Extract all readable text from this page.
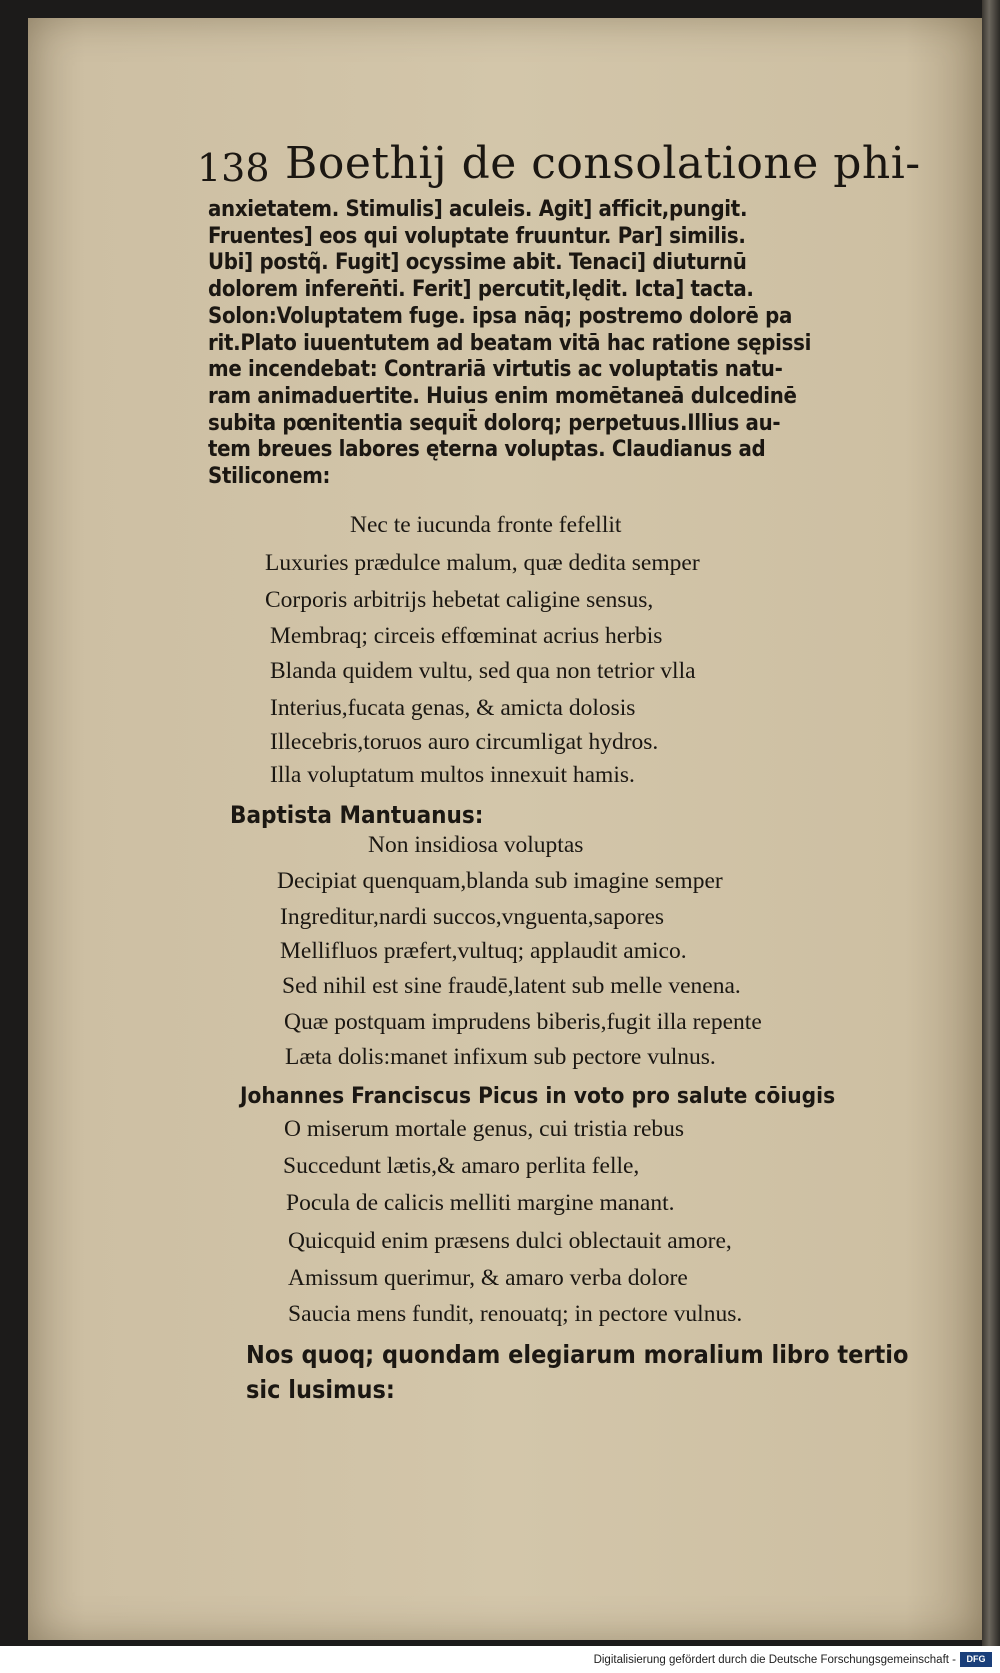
138 Boethij de consolatione phi-
anxietatem. Stimulis] aculeis. Agit] afficit,pungit.
Fruentes] eos qui voluptate fruuntur. Par] similis.
Ubi] postq̃. Fugit] ocyssime abit. Tenaci] diuturnū
dolorem inferen̄ti. Ferit] percutit,lędit. Icta] tacta.
Solon:Voluptatem fuge. ipsa nāq; postremo dolorē pa
rit.Plato iuuentutem ad beatam vitā hac ratione sępissi
me incendebat: Contrariā virtutis ac voluptatis natu-
ram animaduertite. Huius enim momētaneā dulcedinē
subita pœnitentia sequit̄ dolorq; perpetuus.Illius au-
tem breues labores ęterna voluptas. Claudianus ad
Stiliconem:
Nec te iucunda fronte fefellit
Luxuries prædulce malum, quæ dedita semper
Corporis arbitrijs hebetat caligine sensus,
Membraq; circeis effœminat acrius herbis
Blanda quidem vultu, sed qua non tetrior vlla
Interius,fucata genas, & amicta dolosis
Illecebris,toruos auro circumligat hydros.
Illa voluptatum multos innexuit hamis.
Baptista Mantuanus:
Non insidiosa voluptas
Decipiat quenquam,blanda sub imagine semper
Ingreditur,nardi succos,vnguenta,sapores
Mellifluos præfert,vultuq; applaudit amico.
Sed nihil est sine fraudē,latent sub melle venena.
Quæ postquam imprudens biberis,fugit illa repente
Læta dolis:manet infixum sub pectore vulnus.
Johannes Franciscus Picus in voto pro salute cōiugis
O miserum mortale genus, cui tristia rebus
Succedunt lætis,& amaro perlita felle,
Pocula de calicis melliti margine manant.
Quicquid enim præsens dulci oblectauit amore,
Amissum querimur, & amaro verba dolore
Saucia mens fundit, renouatq; in pectore vulnus.
Nos quoq; quondam elegiarum moralium libro tertio
sic lusimus:
Digitalisierung gefördert durch die Deutsche Forschungsgemeinschaft -	DFG
